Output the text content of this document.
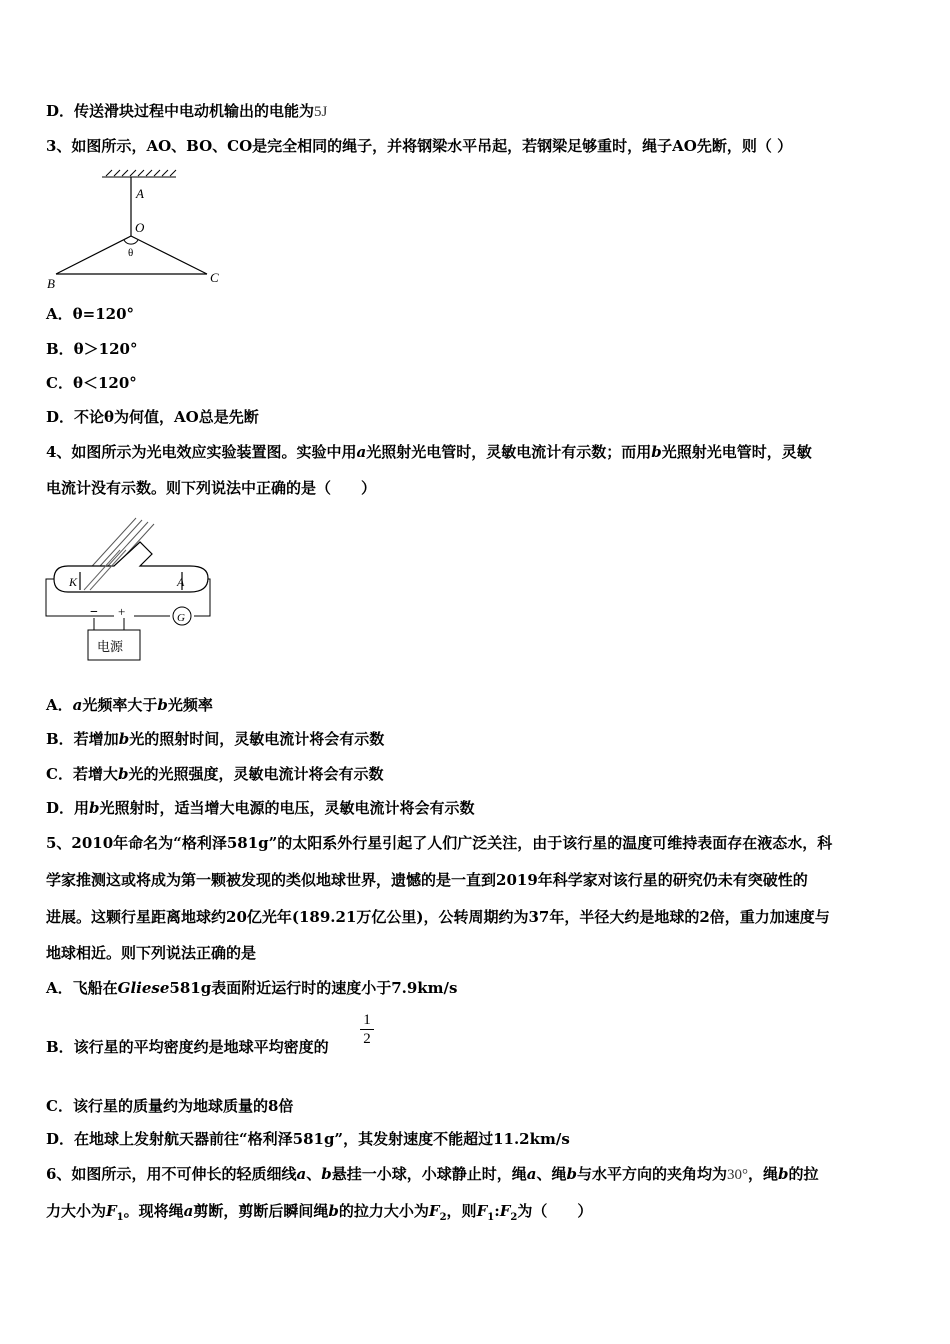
D．传送滑块过程中电动机输出的电能为5J
3、如图所示，AO、BO、CO是完全相同的绳子，并将钢梁水平吊起，若钢梁足够重时，绳子AO先断，则（ ）
A
O
θ
B	C
A．θ=120°
B．θ＞120°
C．θ＜120°
D．不论θ为何值，AO总是先断
4、如图所示为光电效应实验装置图。实验中用a光照射光电管时，灵敏电流计有示数；而用b光照射光电管时，灵敏
电流计没有示数。则下列说法中正确的是（　　）
K	A
G
− +
电源
A．a光频率大于b光频率
B．若增加b光的照射时间，灵敏电流计将会有示数
C．若增大b光的光照强度，灵敏电流计将会有示数
D．用b光照射时，适当增大电源的电压，灵敏电流计将会有示数
5、2010年命名为“格利泽581g”的太阳系外行星引起了人们广泛关注，由于该行星的温度可维持表面存在液态水，科
学家推测这或将成为第一颗被发现的类似地球世界，遗憾的是一直到2019年科学家对该行星的研究仍未有突破性的
进展。这颗行星距离地球约20亿光年(189.21万亿公里)，公转周期约为37年，半径大约是地球的2倍，重力加速度与
地球相近。则下列说法正确的是
A．飞船在Gliese581g表面附近运行时的速度小于7.9km/s
B．该行星的平均密度约是地球平均密度的
1
2
C．该行星的质量约为地球质量的8倍
D．在地球上发射航天器前往“格利泽581g”，其发射速度不能超过11.2km/s
6、如图所示，用不可伸长的轻质细线a、b悬挂一小球，小球静止时，绳a、绳b与水平方向的夹角均为30°，绳b的拉
力大小为$F_1$。现将绳a剪断，剪断后瞬间绳b的拉力大小为$F_2$，则$F_1:F_2$为（　　）
